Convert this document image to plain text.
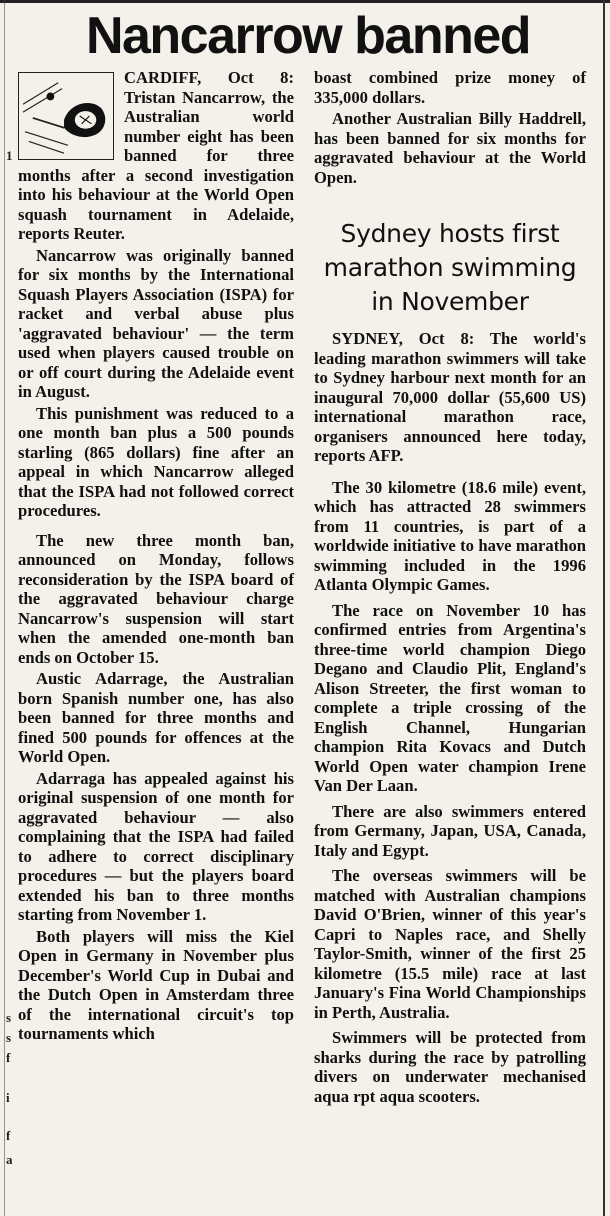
1
s
s
f
i
f
a
Nancarrow banned

CARDIFF, Oct 8: Tristan Nancarrow, the Australian world number eight has been banned for three months after a second investigation into his behaviour at the World Open squash tournament in Adelaide, reports Reuter.

Nancarrow was originally banned for six months by the International Squash Players Association (ISPA) for racket and verbal abuse plus 'aggravated behaviour' — the term used when players caused trouble on or off court during the Adelaide event in August.

This punishment was reduced to a one month ban plus a 500 pounds starling (865 dollars) fine after an appeal in which Nancarrow alleged that the ISPA had not followed correct procedures.

The new three month ban, announced on Monday, follows reconsideration by the ISPA board of the aggravated behaviour charge Nancarrow's suspension will start when the amended one-month ban ends on October 15.

Austic Adarrage, the Australian born Spanish number one, has also been banned for three months and fined 500 pounds for offences at the World Open.

Adarraga has appealed against his original suspension of one month for aggravated behaviour — also complaining that the ISPA had failed to adhere to correct disciplinary procedures — but the players board extended his ban to three months starting from November 1.

Both players will miss the Kiel Open in Germany in November plus December's World Cup in Dubai and the Dutch Open in Amsterdam three of the international circuit's top tournaments which

boast combined prize money of 335,000 dollars.

Another Australian Billy Haddrell, has been banned for six months for aggravated behaviour at the World Open.

Sydney hosts first marathon swimming in November

SYDNEY, Oct 8: The world's leading marathon swimmers will take to Sydney harbour next month for an inaugural 70,000 dollar (55,600 US) international marathon race, organisers announced here today, reports AFP.

The 30 kilometre (18.6 mile) event, which has attracted 28 swimmers from 11 countries, is part of a worldwide initiative to have marathon swimming included in the 1996 Atlanta Olympic Games.

The race on November 10 has confirmed entries from Argentina's three-time world champion Diego Degano and Claudio Plit, England's Alison Streeter, the first woman to complete a triple crossing of the English Channel, Hungarian champion Rita Kovacs and Dutch World Open water champion Irene Van Der Laan.

There are also swimmers entered from Germany, Japan, USA, Canada, Italy and Egypt.

The overseas swimmers will be matched with Australian champions David O'Brien, winner of this year's Capri to Naples race, and Shelly Taylor-Smith, winner of the first 25 kilometre (15.5 mile) race at last January's Fina World Championships in Perth, Australia.

Swimmers will be protected from sharks during the race by patrolling divers on underwater mechanised aqua rpt aqua scooters.
